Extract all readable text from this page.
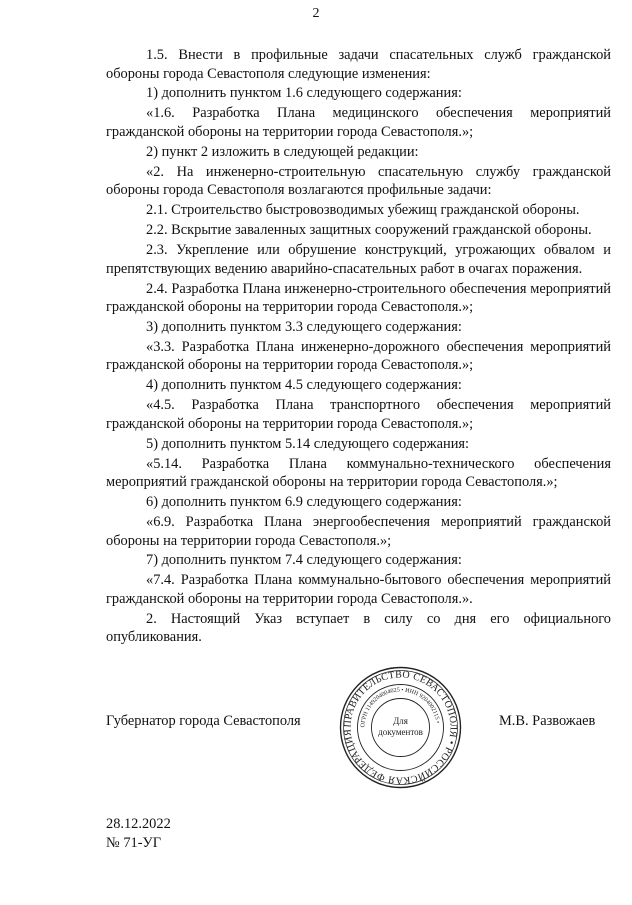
2

1.5. Внести в профильные задачи спасательных служб гражданской обороны города Севастополя следующие изменения:

1) дополнить пунктом 1.6 следующего содержания:

«1.6. Разработка Плана медицинского обеспечения мероприятий гражданской обороны на территории города Севастополя.»;

2) пункт 2 изложить в следующей редакции:

«2. На инженерно-строительную спасательную службу гражданской обороны города Севастополя возлагаются профильные задачи:

2.1. Строительство быстровозводимых убежищ гражданской обороны.

2.2. Вскрытие заваленных защитных сооружений гражданской обороны.

2.3. Укрепление или обрушение конструкций, угрожающих обвалом и препятствующих ведению аварийно-спасательных работ в очагах поражения.

2.4. Разработка Плана инженерно-строительного обеспечения мероприятий гражданской обороны на территории города Севастополя.»;

3) дополнить пунктом 3.3 следующего содержания:

«3.3. Разработка Плана инженерно-дорожного обеспечения мероприятий гражданской обороны на территории города Севастополя.»;

4) дополнить пунктом 4.5 следующего содержания:

«4.5. Разработка Плана транспортного обеспечения мероприятий гражданской обороны на территории города Севастополя.»;

5) дополнить пунктом 5.14 следующего содержания:

«5.14. Разработка Плана коммунально-технического обеспечения мероприятий гражданской обороны на территории города Севастополя.»;

6) дополнить пунктом 6.9 следующего содержания:

«6.9. Разработка Плана энергообеспечения мероприятий гражданской обороны на территории города Севастополя.»;

7) дополнить пунктом 7.4 следующего содержания:

«7.4. Разработка Плана коммунально-бытового обеспечения мероприятий гражданской обороны на территории города Севастополя.».

2. Настоящий Указ вступает в силу со дня его официального опубликования.

Губернатор города Севастополя	ПРАВИТЕЛЬСТВО СЕВАСТОПОЛЯ • РОССИЙСКАЯ ФЕДЕРАЦИЯ
ОГРН 1149204004025 • ИНН 9204002115 •
Для
документов
М.В. Развожаев
28.12.2022
№ 71-УГ
